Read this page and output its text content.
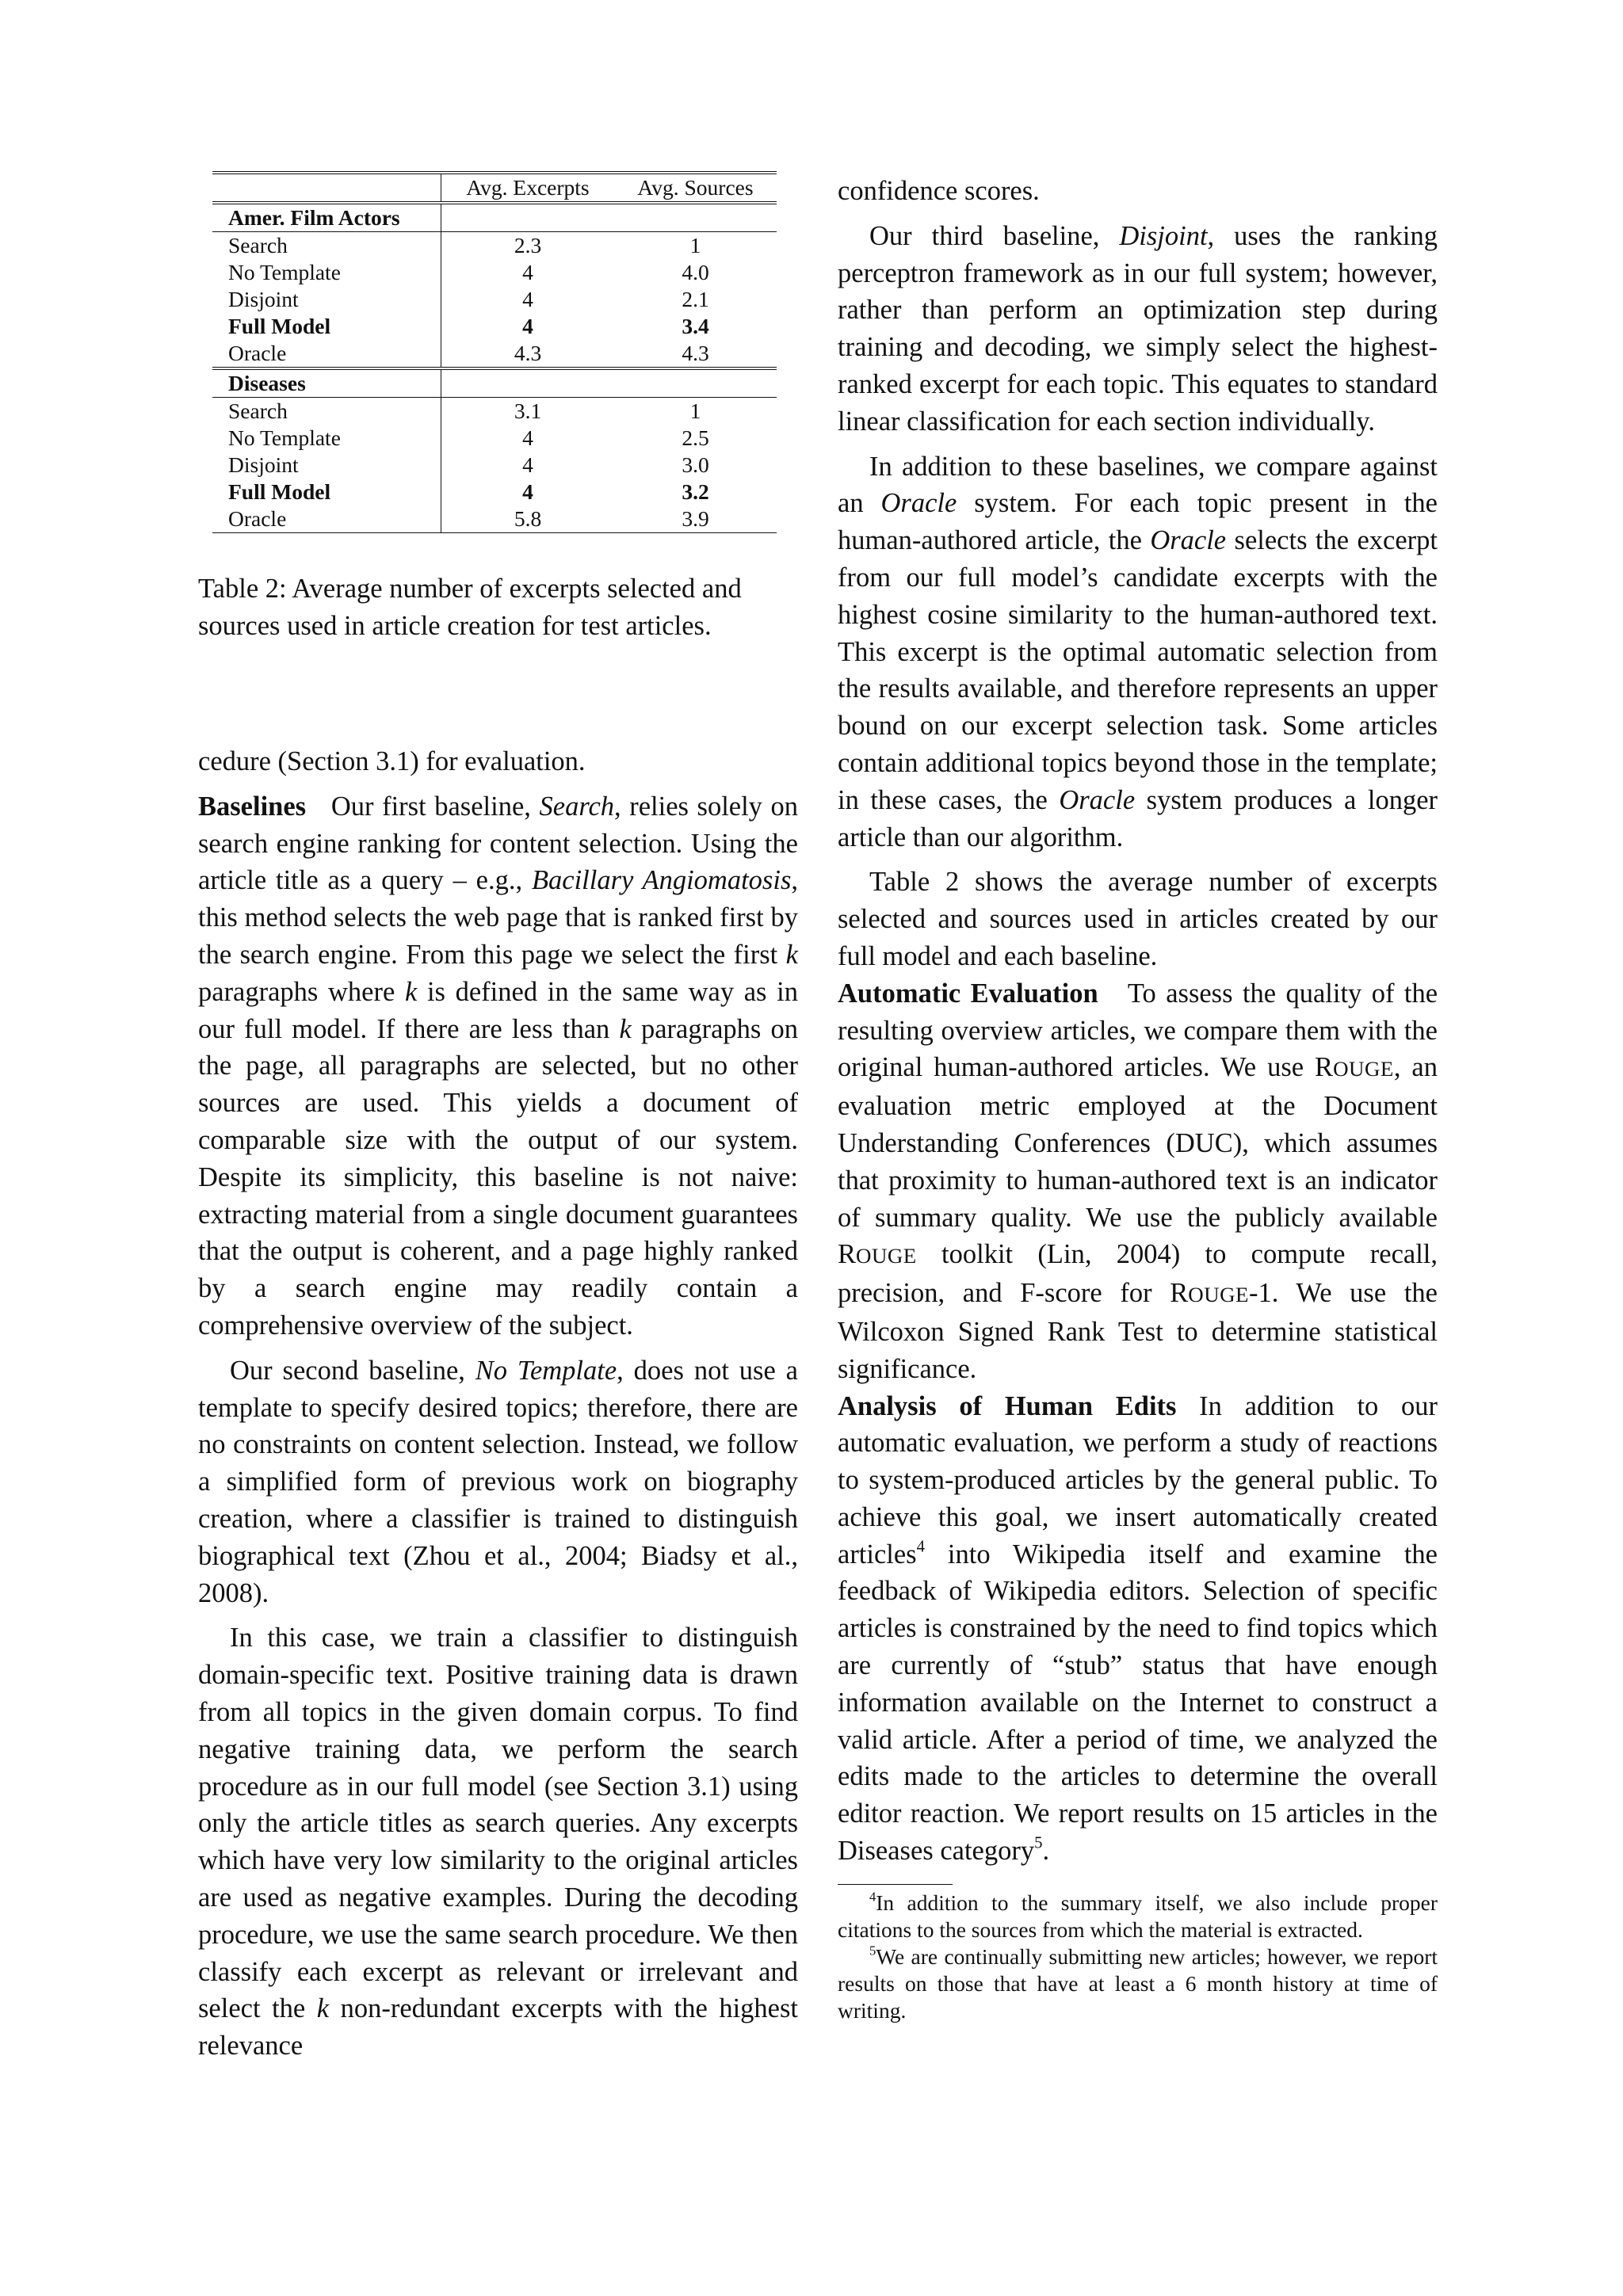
	Avg. Excerpts	Avg. Sources
Amer. Film Actors		
Search	2.3	1
No Template	4	4.0
Disjoint	4	2.1
Full Model	4	3.4
Oracle	4.3	4.3
Diseases		
Search	3.1	1
No Template	4	2.5
Disjoint	4	3.0
Full Model	4	3.2
Oracle	5.8	3.9

Table 2: Average number of excerpts selected and sources used in article creation for test articles.

cedure (Section 3.1) for evaluation.

Baselines Our first baseline, Search, relies solely on search engine ranking for content selection. Using the article title as a query – e.g., Bacillary Angiomatosis, this method selects the web page that is ranked first by the search engine. From this page we select the first k paragraphs where k is defined in the same way as in our full model. If there are less than k paragraphs on the page, all paragraphs are selected, but no other sources are used. This yields a document of comparable size with the output of our system. Despite its simplicity, this baseline is not naive: extracting material from a single document guarantees that the output is coherent, and a page highly ranked by a search engine may readily contain a comprehensive overview of the subject.

Our second baseline, No Template, does not use a template to specify desired topics; therefore, there are no constraints on content selection. Instead, we follow a simplified form of previous work on biography creation, where a classifier is trained to distinguish biographical text (Zhou et al., 2004; Biadsy et al., 2008).

In this case, we train a classifier to distinguish domain-specific text. Positive training data is drawn from all topics in the given domain corpus. To find negative training data, we perform the search procedure as in our full model (see Section 3.1) using only the article titles as search queries. Any excerpts which have very low similarity to the original articles are used as negative examples. During the decoding procedure, we use the same search procedure. We then classify each excerpt as relevant or irrelevant and select the k non-redundant excerpts with the highest relevance

confidence scores.

Our third baseline, Disjoint, uses the ranking perceptron framework as in our full system; however, rather than perform an optimization step during training and decoding, we simply select the highest-ranked excerpt for each topic. This equates to standard linear classification for each section individually.

In addition to these baselines, we compare against an Oracle system. For each topic present in the human-authored article, the Oracle selects the excerpt from our full model’s candidate excerpts with the highest cosine similarity to the human-authored text. This excerpt is the optimal automatic selection from the results available, and therefore represents an upper bound on our excerpt selection task. Some articles contain additional topics beyond those in the template; in these cases, the Oracle system produces a longer article than our algorithm.

Table 2 shows the average number of excerpts selected and sources used in articles created by our full model and each baseline.

Automatic Evaluation To assess the quality of the resulting overview articles, we compare them with the original human-authored articles. We use ROUGE, an evaluation metric employed at the Document Understanding Conferences (DUC), which assumes that proximity to human-authored text is an indicator of summary quality. We use the publicly available ROUGE toolkit (Lin, 2004) to compute recall, precision, and F-score for ROUGE-1. We use the Wilcoxon Signed Rank Test to determine statistical significance.

Analysis of Human Edits In addition to our automatic evaluation, we perform a study of reactions to system-produced articles by the general public. To achieve this goal, we insert automatically created articles$^4$ into Wikipedia itself and examine the feedback of Wikipedia editors. Selection of specific articles is constrained by the need to find topics which are currently of “stub” status that have enough information available on the Internet to construct a valid article. After a period of time, we analyzed the edits made to the articles to determine the overall editor reaction. We report results on 15 articles in the Diseases category$^5$.

$^4$In addition to the summary itself, we also include proper citations to the sources from which the material is extracted.

$^5$We are continually submitting new articles; however, we report results on those that have at least a 6 month history at time of writing.
